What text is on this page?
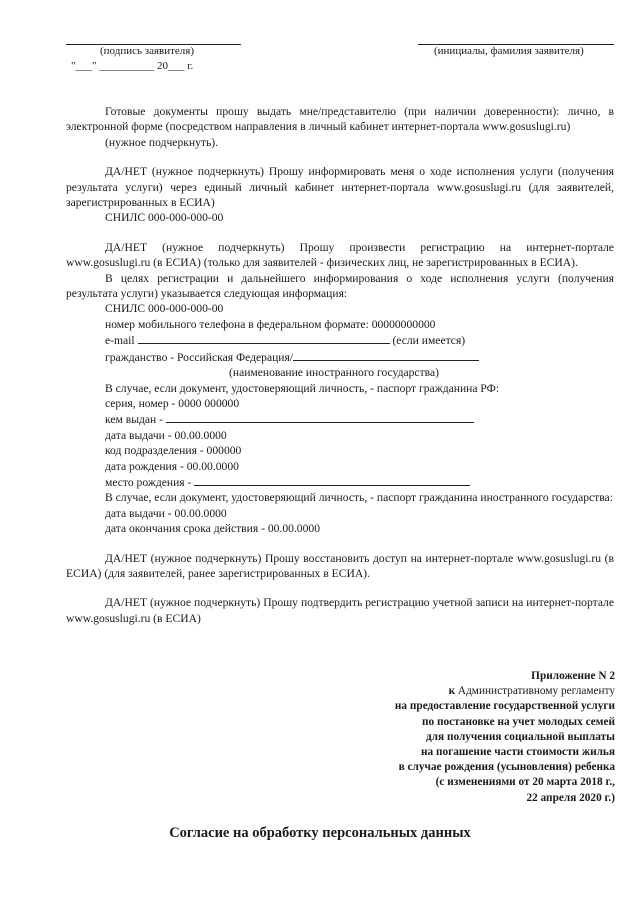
(подпись заявителя)	(инициалы, фамилия заявителя)
"___" __________ 20___ г.

Готовые документы прошу выдать мне/представителю (при наличии доверенности): лично, в электронной форме (посредством направления в личный кабинет интернет-портала www.gosuslugi.ru)

(нужное подчеркнуть).

ДА/НЕТ (нужное подчеркнуть) Прошу информировать меня о ходе исполнения услуги (получения результата услуги) через единый личный кабинет интернет-портала www.gosuslugi.ru (для заявителей, зарегистрированных в ЕСИА)

СНИЛС 000-000-000-00

ДА/НЕТ (нужное подчеркнуть) Прошу произвести регистрацию на интернет-портале www.gosuslugi.ru (в ЕСИА) (только для заявителей - физических лиц, не зарегистрированных в ЕСИА).

В целях регистрации и дальнейшего информирования о ходе исполнения услуги (получения результата услуги) указывается следующая информация:

СНИЛС 000-000-000-00

номер мобильного телефона в федеральном формате: 00000000000

e-mail	(если имеется)

гражданство - Российская Федерация/

(наименование иностранного государства)

В случае, если документ, удостоверяющий личность, - паспорт гражданина РФ:

серия, номер - 0000 000000

кем выдан -

дата выдачи - 00.00.0000

код подразделения - 000000

дата рождения - 00.00.0000

место рождения -

В случае, если документ, удостоверяющий личность, - паспорт гражданина иностранного государства:

дата выдачи - 00.00.0000

дата окончания срока действия - 00.00.0000

ДА/НЕТ (нужное подчеркнуть) Прошу восстановить доступ на интернет-портале www.gosuslugi.ru (в ЕСИА) (для заявителей, ранее зарегистрированных в ЕСИА).

ДА/НЕТ (нужное подчеркнуть) Прошу подтвердить регистрацию учетной записи на интернет-портале www.gosuslugi.ru (в ЕСИА)

Приложение N 2
к Административному регламенту
на предоставление государственной услуги
по постановке на учет молодых семей
для получения социальной выплаты
на погашение части стоимости жилья
в случае рождения (усыновления) ребенка
(с изменениями от 20 марта 2018 г.,
22 апреля 2020 г.)
Согласие на обработку персональных данных
